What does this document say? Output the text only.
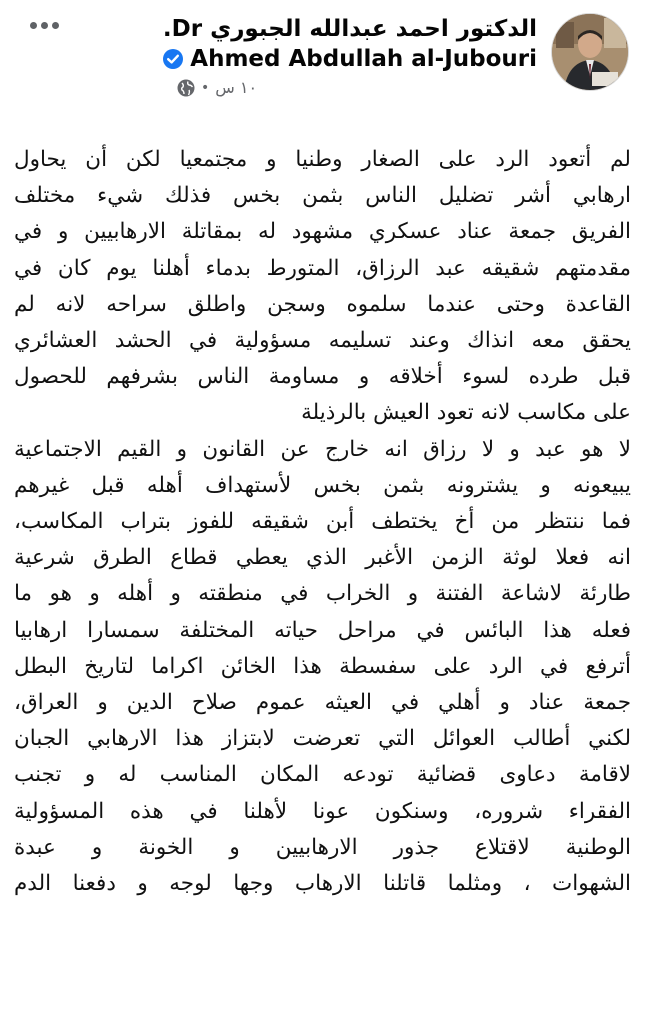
الدكتور احمد عبدالله الجبوري Dr.
Ahmed Abdullah al-Jubouri
١٠ س
•
لم أتعود الرد على الصغار وطنيا و مجتمعيا لكن أن يحاول
ارهابي أشر تضليل الناس بثمن بخس فذلك شيء مختلف
الفريق جمعة عناد عسكري مشهود له بمقاتلة الارهابيين و في
مقدمتهم شقيقه عبد الرزاق، المتورط بدماء أهلنا يوم كان في
القاعدة وحتى عندما سلموه وسجن واطلق سراحه لانه لم
يحقق معه انذاك وعند تسليمه مسؤولية في الحشد العشائري
قبل طرده لسوء أخلاقه و مساومة الناس بشرفهم للحصول
على مكاسب لانه تعود العيش بالرذيلة
لا هو عبد و لا رزاق انه خارج عن القانون و القيم الاجتماعية
يبيعونه و يشترونه بثمن بخس لأستهداف أهله قبل غيرهم
فما ننتظر من أخ يختطف أبن شقيقه للفوز بتراب المكاسب،
انه فعلا لوثة الزمن الأغبر الذي يعطي قطاع الطرق شرعية
طارئة لاشاعة الفتنة و الخراب في منطقته و أهله و هو ما
فعله هذا البائس في مراحل حياته المختلفة سمسارا ارهابيا
أترفع في الرد على سفسطة هذا الخائن اكراما لتاريخ البطل
جمعة عناد و أهلي في العيثه عموم صلاح الدين و العراق،
لكني أطالب العوائل التي تعرضت لابتزاز هذا الارهابي الجبان
لاقامة دعاوى قضائية تودعه المكان المناسب له و تجنب
الفقراء شروره، وسنكون عونا لأهلنا في هذه المسؤولية
الوطنية لاقتلاع جذور الارهابيين و الخونة و عبدة
الشهوات ، ومثلما قاتلنا الارهاب وجها لوجه و دفعنا الدم
